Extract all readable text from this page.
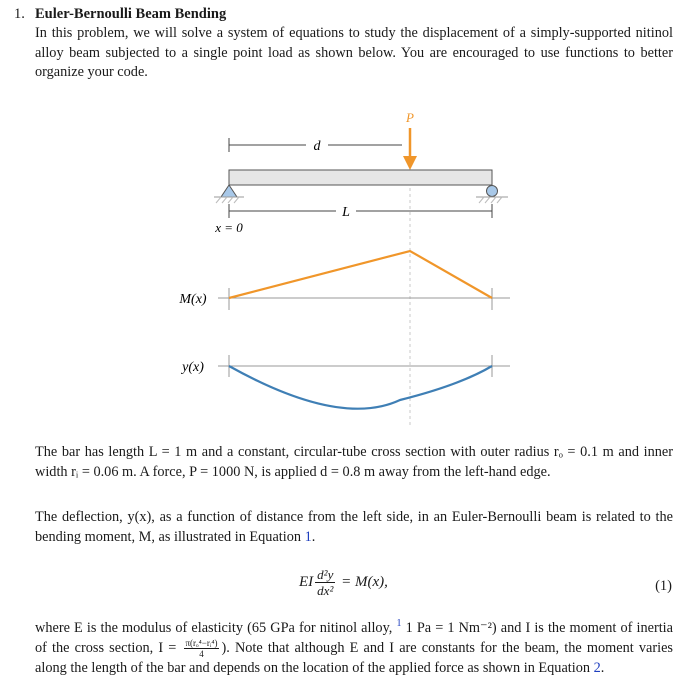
1. Euler-Bernoulli Beam Bending
In this problem, we will solve a system of equations to study the displacement of a simply-supported nitinol alloy beam subjected to a single point load as shown below. You are encouraged to use functions to better organize your code.
d
P
L
x = 0
M(x)
y(x)
The bar has length L = 1 m and a constant, circular-tube cross section with outer radius rₒ = 0.1 m and inner width rᵢ = 0.06 m. A force, P = 1000 N, is applied d = 0.8 m away from the left-hand edge.
The deflection, y(x), as a function of distance from the left side, in an Euler-Bernoulli beam is related to the bending moment, M, as illustrated in Equation 1.
EI $\frac{\text{d²y}}{\text{dx²}} = M(x)$,	(1)
where E is the modulus of elasticity (65 GPa for nitinol alloy, $^1$ 1 Pa = 1 Nm⁻²) and I is the moment of inertia of the cross section, $I = \frac{\text{π(rₒ⁴−rᵢ⁴)}}{4}$ ). Note that although E and I are constants for the beam, the moment varies along the length of the bar and depends on the location of the applied force as shown in Equation 2.
